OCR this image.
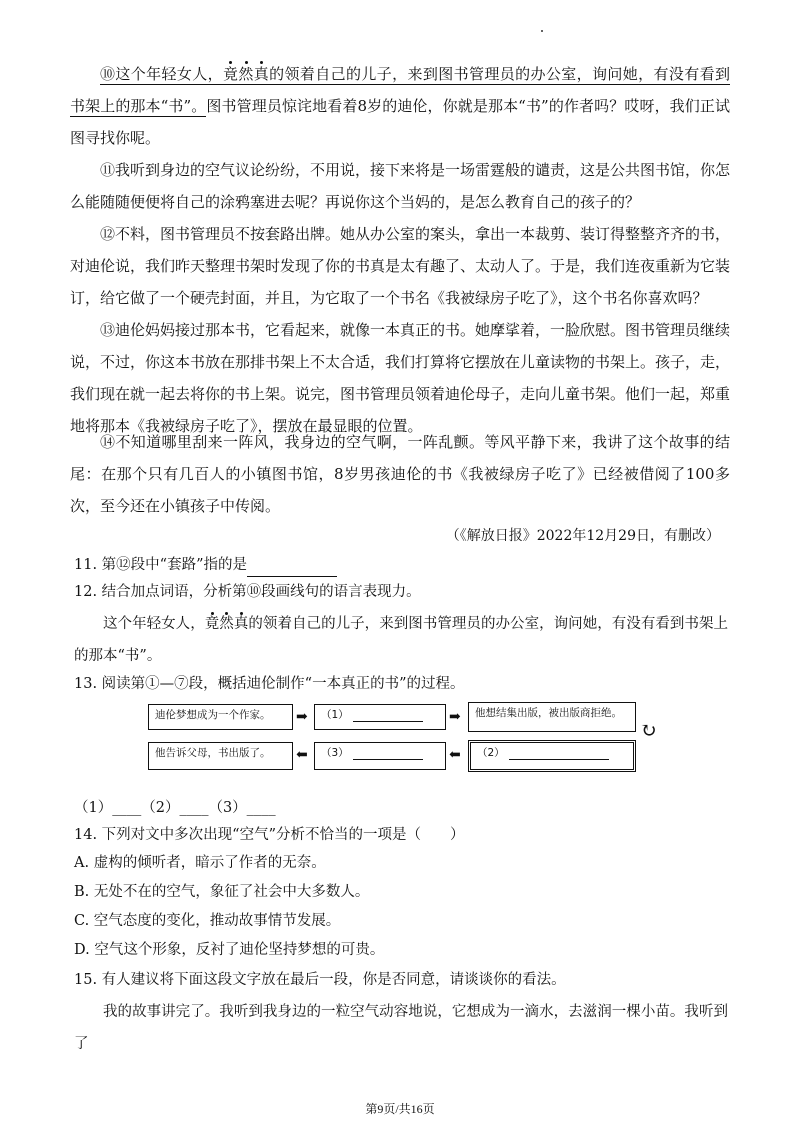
⑩这个年轻女人，竟然真的领着自己的儿子，来到图书管理员的办公室，询问她，有没有看到书架上的那本“书”。图书管理员惊诧地看着8岁的迪伦，你就是那本“书”的作者吗？哎呀，我们正试图寻找你呢。

⑪我听到身边的空气议论纷纷，不用说，接下来将是一场雷霆般的谴责，这是公共图书馆，你怎么能随随便便将自己的涂鸦塞进去呢？再说你这个当妈的，是怎么教育自己的孩子的？

⑫不料，图书管理员不按套路出牌。她从办公室的案头，拿出一本裁剪、装订得整整齐齐的书，对迪伦说，我们昨天整理书架时发现了你的书真是太有趣了、太动人了。于是，我们连夜重新为它装订，给它做了一个硬壳封面，并且，为它取了一个书名《我被绿房子吃了》，这个书名你喜欢吗？

⑬迪伦妈妈接过那本书，它看起来，就像一本真正的书。她摩挲着，一脸欣慰。图书管理员继续说，不过，你这本书放在那排书架上不太合适，我们打算将它摆放在儿童读物的书架上。孩子，走，我们现在就一起去将你的书上架。说完，图书管理员领着迪伦母子，走向儿童书架。他们一起，郑重地将那本《我被绿房子吃了》，摆放在最显眼的位置。

⑭不知道哪里刮来一阵风，我身边的空气啊，一阵乱颤。等风平静下来，我讲了这个故事的结尾：在那个只有几百人的小镇图书馆，8岁男孩迪伦的书《我被绿房子吃了》已经被借阅了100多次，至今还在小镇孩子中传阅。

（《解放日报》2022年12月29日，有删改）
11. 第⑫段中“套路”指的是
12. 结合加点词语，分析第⑩段画线句的语言表现力。

这个年轻女人，竟然真的领着自己的儿子，来到图书管理员的办公室，询问她，有没有看到书架上的那本“书”。

13. 阅读第①—⑦段，概括迪伦制作“一本真正的书”的过程。
迪伦梦想成为一个作家。	➡	（1）	➡	他想结集出版，被出版商拒绝。
↻
（2）
⬅
（3）
⬅
他告诉父母，书出版了。
（1）____（2）____（3）____
14. 下列对文中多次出现“空气”分析不恰当的一项是（　　）
A. 虚构的倾听者，暗示了作者的无奈。
B. 无处不在的空气，象征了社会中大多数人。
C. 空气态度的变化，推动故事情节发展。
D. 空气这个形象，反衬了迪伦坚持梦想的可贵。
15. 有人建议将下面这段文字放在最后一段，你是否同意，请谈谈你的看法。

我的故事讲完了。我听到我身边的一粒空气动容地说，它想成为一滴水，去滋润一棵小苗。我听到了

第9页/共16页
